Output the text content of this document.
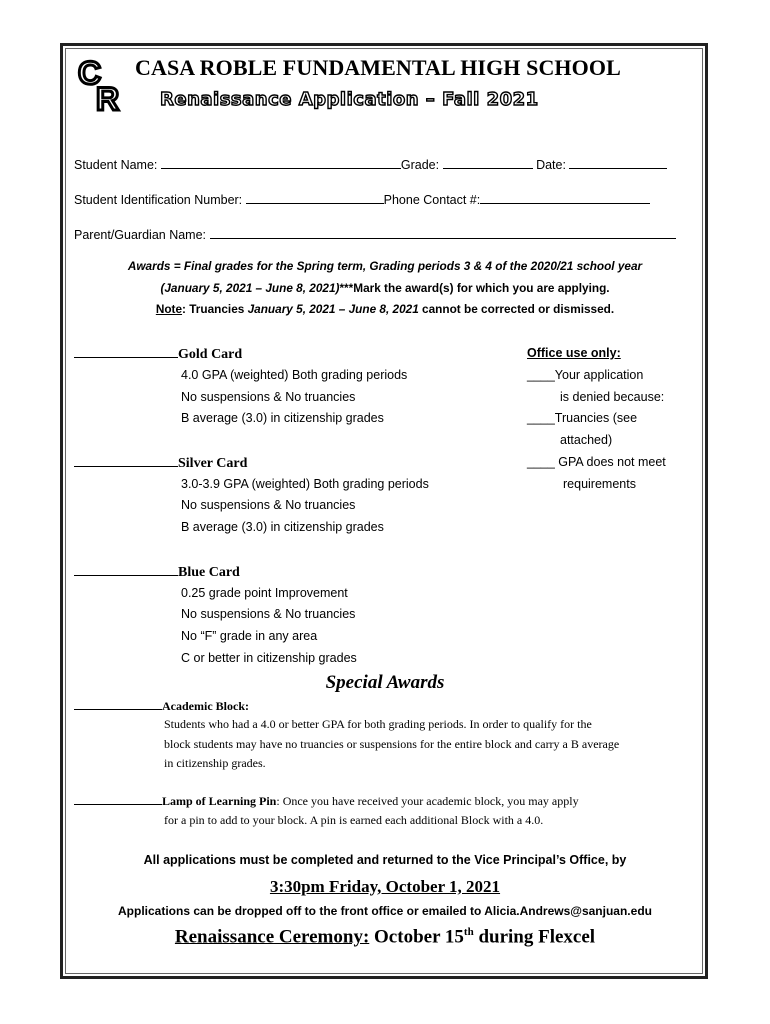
C
R
CASA ROBLE FUNDAMENTAL HIGH SCHOOL
Renaissance Application – Fall 2021
Student Name:	Grade:	Date:
Student Identification Number:	Phone Contact #:
Parent/Guardian Name:
Awards = Final grades for the Spring term, Grading periods 3 & 4 of the 2020/21 school year
(January 5, 2021 – June 8, 2021)***Mark the award(s) for which you are applying.
Note: Truancies January 5, 2021 – June 8, 2021 cannot be corrected or dismissed.
Gold Card
4.0 GPA (weighted) Both grading periods
No suspensions & No truancies
B average (3.0) in citizenship grades
Silver Card
3.0-3.9 GPA (weighted) Both grading periods
No suspensions & No truancies
B average (3.0) in citizenship grades
Blue Card
0.25 grade point Improvement
No suspensions & No truancies
No “F” grade in any area
C or better in citizenship grades
Office use only:
____Your application
is denied because:
____Truancies (see
attached)
____ GPA does not meet
requirements
Special Awards
Academic Block:
Students who had a 4.0 or better GPA for both grading periods. In order to qualify for the
block students may have no truancies or suspensions for the entire block and carry a B average
in citizenship grades.
Lamp of Learning Pin: Once you have received your academic block, you may apply
for a pin to add to your block. A pin is earned each additional Block with a 4.0.
All applications must be completed and returned to the Vice Principal’s Office, by
3:30pm Friday, October 1, 2021
Applications can be dropped off to the front office or emailed to Alicia.Andrews@sanjuan.edu
Renaissance Ceremony: October 15th during Flexcel
